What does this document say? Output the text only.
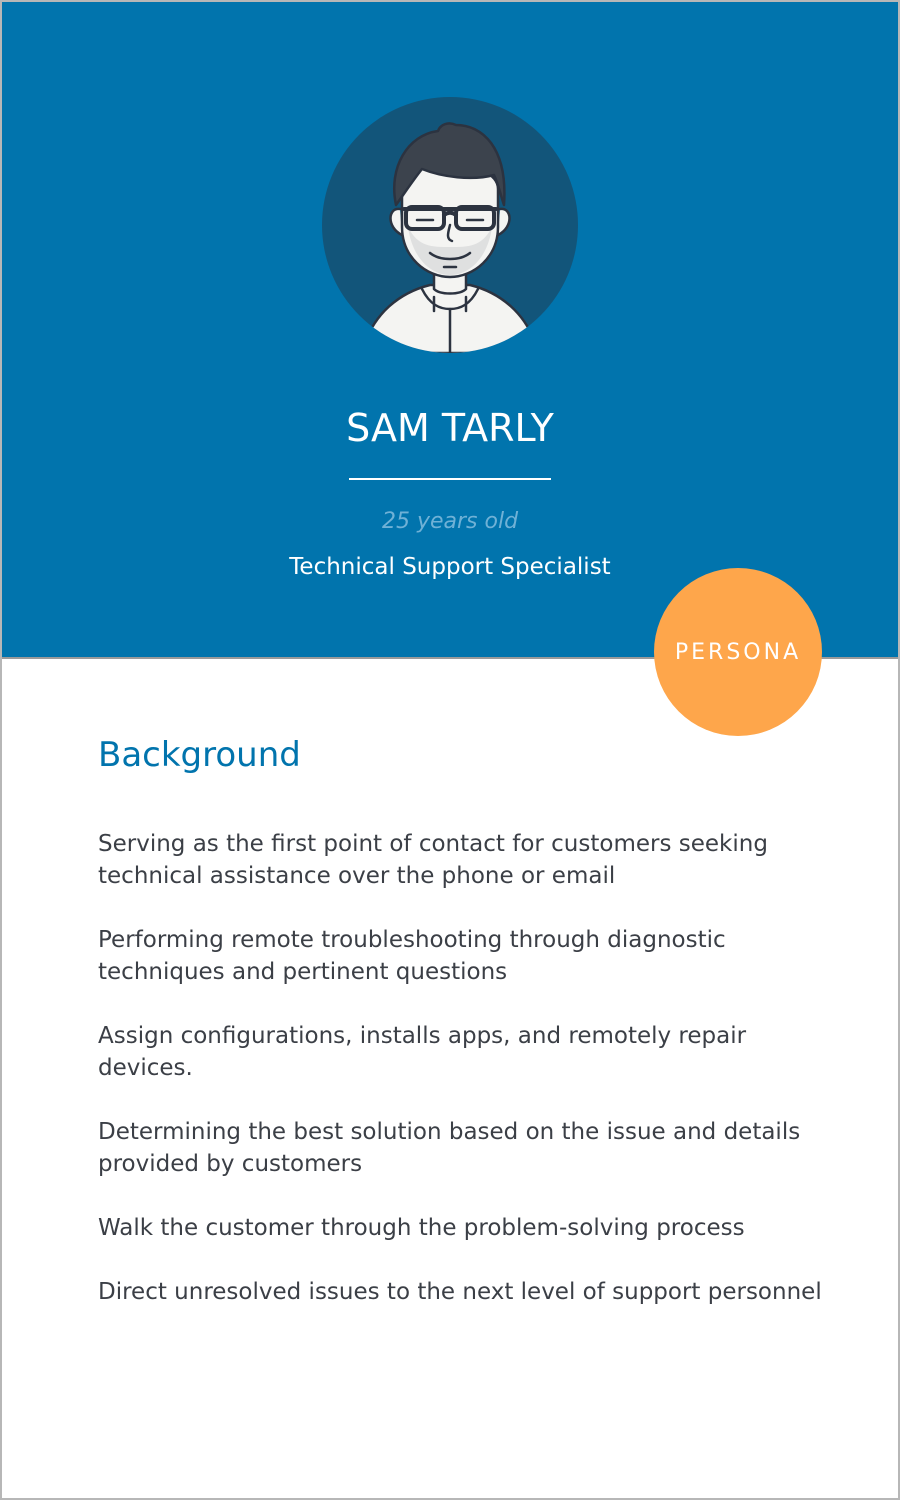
SAM TARLY
25 years old
Technical Support Specialist
PERSONA
Background
Serving as the first point of contact for customers seeking technical assistance over the phone or email
Performing remote troubleshooting through diagnostic techniques and pertinent questions
Assign configurations, installs apps, and remotely repair devices.
Determining the best solution based on the issue and details provided by customers
Walk the customer through the problem-solving process
Direct unresolved issues to the next level of support personnel
